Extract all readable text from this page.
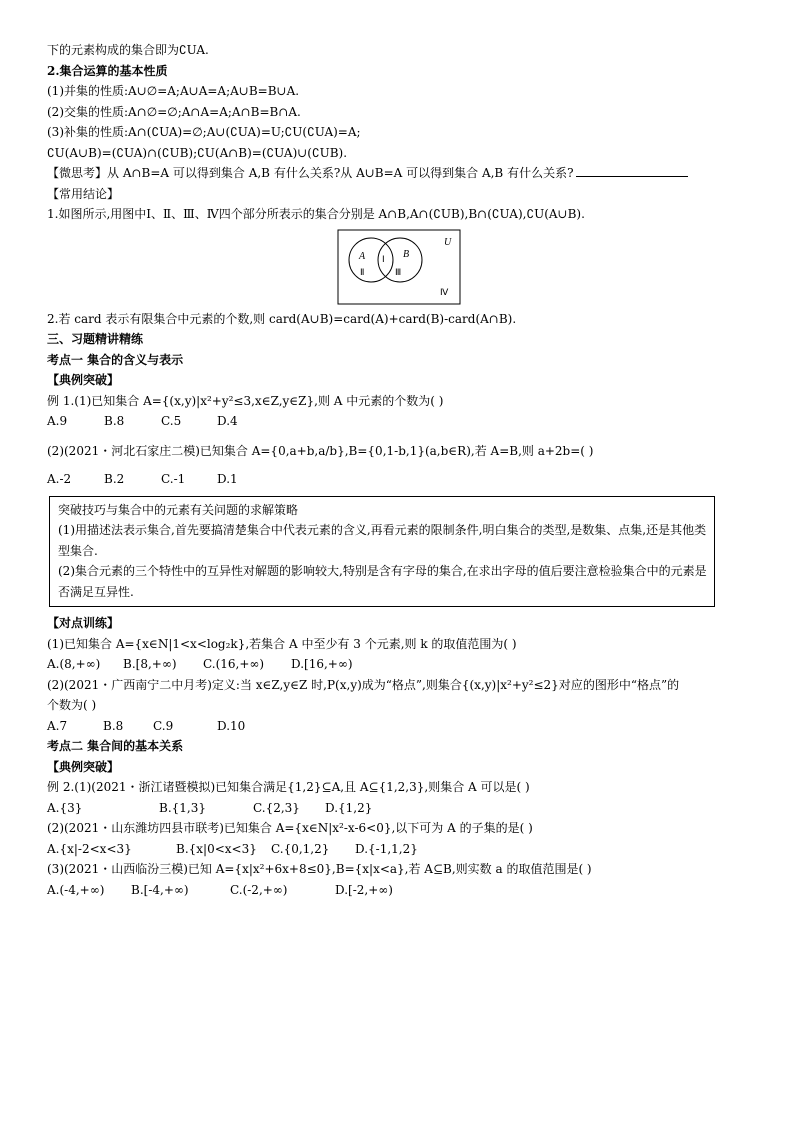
下的元素构成的集合即为∁UA.
2.集合运算的基本性质
(1)并集的性质:A∪∅=A;A∪A=A;A∪B=B∪A.
(2)交集的性质:A∩∅=∅;A∩A=A;A∩B=B∩A.
(3)补集的性质:A∩(∁UA)=∅;A∪(∁UA)=U;∁U(∁UA)=A;
∁U(A∪B)=(∁UA)∩(∁UB);∁U(A∩B)=(∁UA)∪(∁UB).
【微思考】从 A∩B=A 可以得到集合 A,B 有什么关系?从 A∪B=A 可以得到集合 A,B 有什么关系?
【常用结论】
1.如图所示,用图中Ⅰ、Ⅱ、Ⅲ、Ⅳ四个部分所表示的集合分别是 A∩B,A∩(∁UB),B∩(∁UA),∁U(A∪B).
A	B
U
Ⅰ
Ⅱ	Ⅲ
Ⅳ
2.若 card 表示有限集合中元素的个数,则 card(A∪B)=card(A)+card(B)-card(A∩B).
三、习题精讲精练
考点一 集合的含义与表示
【典例突破】
例 1.(1)已知集合 A={(x,y)|x²+y²≤3,x∈Z,y∈Z},则 A 中元素的个数为( )
A.9	B.8	C.5	D.4
(2)(2021・河北石家庄二模)已知集合 A={0,a+b,a/b},B={0,1-b,1}(a,b∈R),若 A=B,则 a+2b=( )
A.-2	B.2	C.-1	D.1
突破技巧与集合中的元素有关问题的求解策略
(1)用描述法表示集合,首先要搞清楚集合中代表元素的含义,再看元素的限制条件,明白集合的类型,是数集、点集,还是其他类型集合.
(2)集合元素的三个特性中的互异性对解题的影响较大,特别是含有字母的集合,在求出字母的值后要注意检验集合中的元素是否满足互异性.
【对点训练】
(1)已知集合 A={x∈N|1<x<log₂k},若集合 A 中至少有 3 个元素,则 k 的取值范围为( )
A.(8,+∞)	B.[8,+∞)	C.(16,+∞)	D.[16,+∞)
(2)(2021・广西南宁二中月考)定义:当 x∈Z,y∈Z 时,P(x,y)成为“格点”,则集合{(x,y)|x²+y²≤2}对应的图形中“格点”的
个数为( )
A.7	B.8	C.9	D.10
考点二 集合间的基本关系
【典例突破】
例 2.(1)(2021・浙江诸暨模拟)已知集合满足{1,2}⊆A,且 A⊆{1,2,3},则集合 A 可以是( )
A.{3}	B.{1,3}	C.{2,3}	D.{1,2}
(2)(2021・山东潍坊四县市联考)已知集合 A={x∈N|x²-x-6<0},以下可为 A 的子集的是( )
A.{x|-2<x<3}	B.{x|0<x<3}	C.{0,1,2}	D.{-1,1,2}
(3)(2021・山西临汾三模)已知 A={x|x²+6x+8≤0},B={x|x<a},若 A⊆B,则实数 a 的取值范围是( )
A.(-4,+∞)	B.[-4,+∞)	C.(-2,+∞)	D.[-2,+∞)
